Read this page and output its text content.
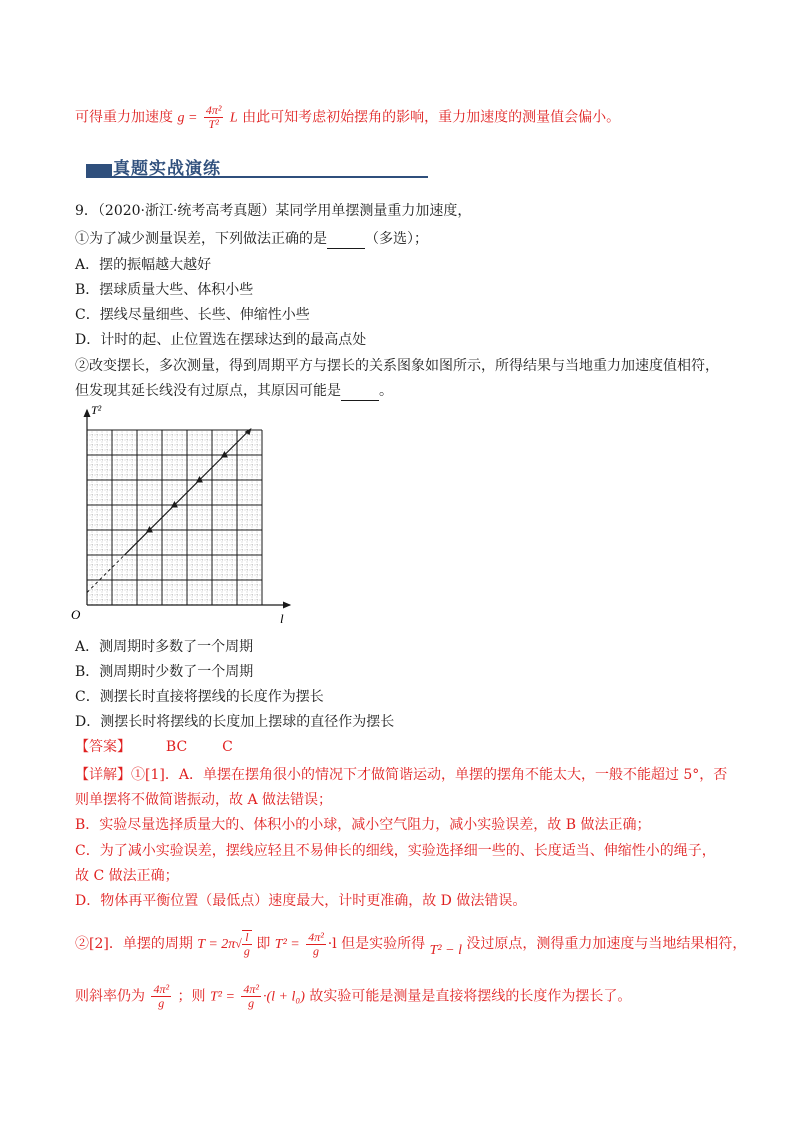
可得重力加速度 $g = \frac{\text{4π²}}{\text{T²}}$ L 由此可知考虑初始摆角的影响，重力加速度的测量值会偏小。
真题实战演练
9．（2020·浙江·统考高考真题）某同学用单摆测量重力加速度，
①为了减少测量误差，下列做法正确的是	（多选）；
A．摆的振幅越大越好
B．摆球质量大些、体积小些
C．摆线尽量细些、长些、伸缩性小些
D．计时的起、止位置选在摆球达到的最高点处
②改变摆长，多次测量，得到周期平方与摆长的关系图象如图所示，所得结果与当地重力加速度值相符，
但发现其延长线没有过原点，其原因可能是	。
T²
l
O
A．测周期时多数了一个周期
B．测周期时少数了一个周期
C．测摆长时直接将摆线的长度作为摆长
D．测摆长时将摆线的长度加上摆球的直径作为摆长
【答案】 BC C
【详解】①[1]．A．单摆在摆角很小的情况下才做简谐运动，单摆的摆角不能太大，一般不能超过 5°，否
则单摆将不做简谐振动，故 A 做法错误；
B．实验尽量选择质量大的、体积小的小球，减小空气阻力，减小实验误差，故 B 做法正确；
C．为了减小实验误差，摆线应轻且不易伸长的细线，实验选择细一些的、长度适当、伸缩性小的绳子，
故 C 做法正确；
D．物体再平衡位置（最低点）速度最大，计时更准确，故 D 做法错误。
②[2]．单摆的周期 $T = 2\pi√ \frac{l}{g}$ 即 $T^2 = \frac{\text{4π²}}{g} \cdot l$ 但是实验所得 T² − l 没过原点，测得重力加速度与当地结果相符，
则斜率仍为 $\frac{\text{4π²}}{g}$ ；则 $T^2 = \frac{\text{4π²}}{g} \cdot(l + l_0)$ 故实验可能是测量是直接将摆线的长度作为摆长了。
